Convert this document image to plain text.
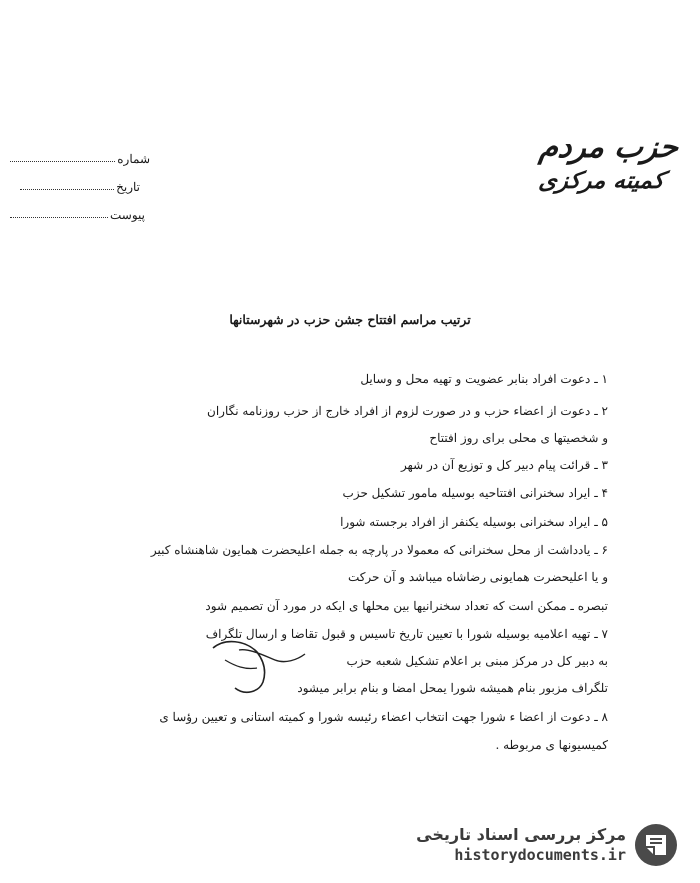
شماره
تاریخ
پیوست
حزب مردم
کمیته مرکزی
ترتیب مراسم افتتاح جشن حزب در شهرستانها
۱ ـ دعوت افراد بنابر عضویت و تهیه محل و وسایل
۲ ـ دعوت از اعضاء حزب و در صورت لزوم از افراد خارج از حزب روزنامه نگاران
و شخصیتها ی محلی برای روز افتتاح
۳ ـ قرائت پیام دبیر کل و توزیع آن در شهر
۴ ـ ایراد سخنرانی افتتاحیه بوسیله مامور تشکیل حزب
۵ ـ ایراد سخنرانی بوسیله یکنفر از افراد برجسته شورا
۶ ـ یادداشت از محل سخنرانی که معمولا در پارچه به جمله اعلیحضرت همایون شاهنشاه کبیر
و یا اعلیحضرت همایونی رضاشاه میباشد و آن حرکت
تبصره ـ ممکن است که تعداد سخنرانیها بین محلها ی ایکه در مورد آن تصمیم شود
۷ ـ تهیه اعلامیه بوسیله شورا با تعیین تاریخ تاسیس و قبول تقاضا و ارسال تلگراف
به دبیر کل در مرکز مبنی بر اعلام تشکیل شعبه حزب
تلگراف مزبور بنام همیشه شورا یمحل امضا و بنام برابر میشود
۸ ـ دعوت از اعضا ء شورا جهت انتخاب اعضاء رئیسه شورا و کمیته استانی و تعیین رؤسا ی
کمیسیونها ی مربوطه .
مرکز بررسی اسناد تاریخی
historydocuments.ir
